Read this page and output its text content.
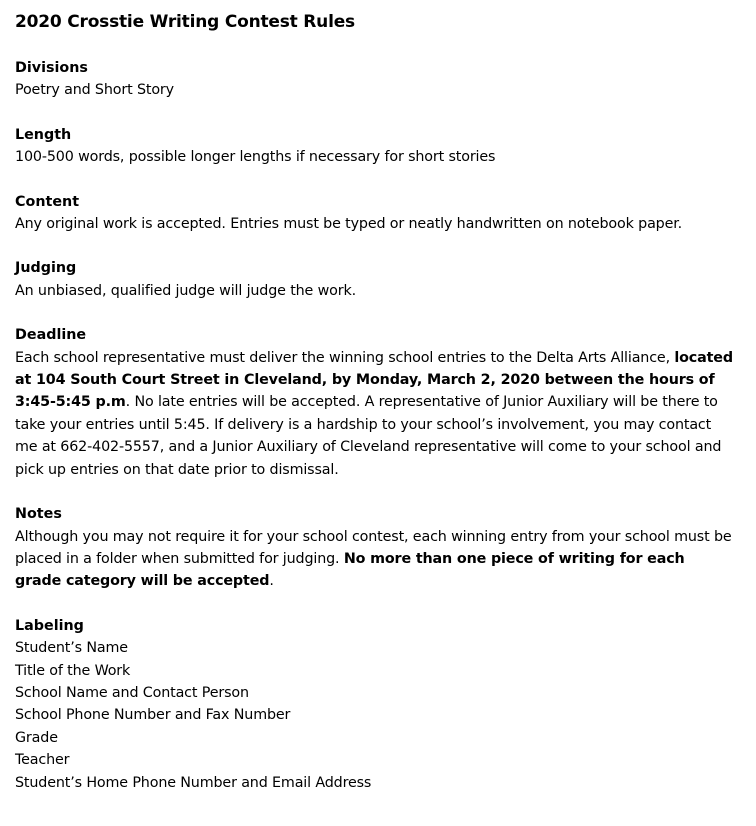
2020 Crosstie Writing Contest Rules
Divisions
Poetry and Short Story
Length
100-500 words, possible longer lengths if necessary for short stories
Content
Any original work is accepted. Entries must be typed or neatly handwritten on notebook paper.
Judging
An unbiased, qualified judge will judge the work.
Deadline
Each school representative must deliver the winning school entries to the Delta Arts Alliance, located at 104 South Court Street in Cleveland, by Monday, March 2, 2020 between the hours of 3:45-5:45 p.m. No late entries will be accepted. A representative of Junior Auxiliary will be there to take your entries until 5:45. If delivery is a hardship to your school’s involvement, you may contact me at 662-402-5557, and a Junior Auxiliary of Cleveland representative will come to your school and pick up entries on that date prior to dismissal.
Notes
Although you may not require it for your school contest, each winning entry from your school must be placed in a folder when submitted for judging. No more than one piece of writing for each grade category will be accepted.
Labeling
Student’s Name
Title of the Work
School Name and Contact Person
School Phone Number and Fax Number
Grade
Teacher
Student’s Home Phone Number and Email Address
